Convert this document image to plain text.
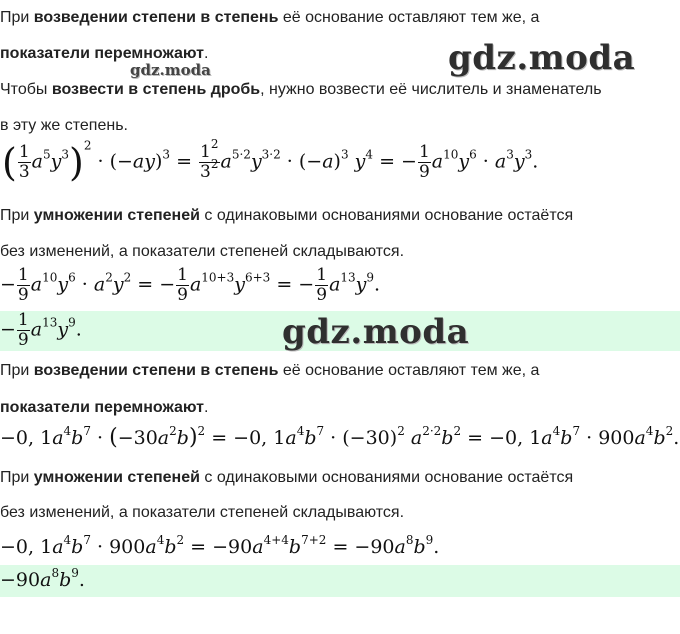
При возведении степени в степень её основание оставляют тем же, а
показатели перемножают.
gdz.moda	gdz.moda
Чтобы возвести в степень дробь, нужно возвести её числитель и знаменатель
в эту же степень.
( $\frac{1}{3} a^5y^3)^2 \cdot (-ay)^3 = \frac{1^2}{3^2} a^{5\cdot 2}y^{3\cdot 2} \cdot (-a)^3$ $y^4$ = − $\frac{1}{9} a^{10}y^6 \cdot a^3y^3$.
При умножении степеней с одинаковыми основаниями основание остаётся
без изменений, а показатели степеней складываются.
− $\frac{1}{9} a^{10}y^6 \cdot a^2y^2$ = − $\frac{1}{9} a^{10+3}y^{6+3}$ = − $\frac{1}{9} a^{13}y^9$.
− $\frac{1}{9} a^{13}y^9$.	gdz.moda
При возведении степени в степень её основание оставляют тем же, а
показатели перемножают.
−0, $1a^4b^7 \cdot (-30a^2b)^2 = -0$, $1a^4b^7 \cdot (-30)^2$ $a^{2\cdot 2}b^2 = -0$, $1a^4b^7 \cdot 900a^4b^2$.
При умножении степеней с одинаковыми основаниями основание остаётся
без изменений, а показатели степеней складываются.
−0, $1a^4b^7 \cdot 900a^4b^2 = -90a^{4+4}b^{7+2} = -90a^8b^9$.
$-90a^8b^9$.
